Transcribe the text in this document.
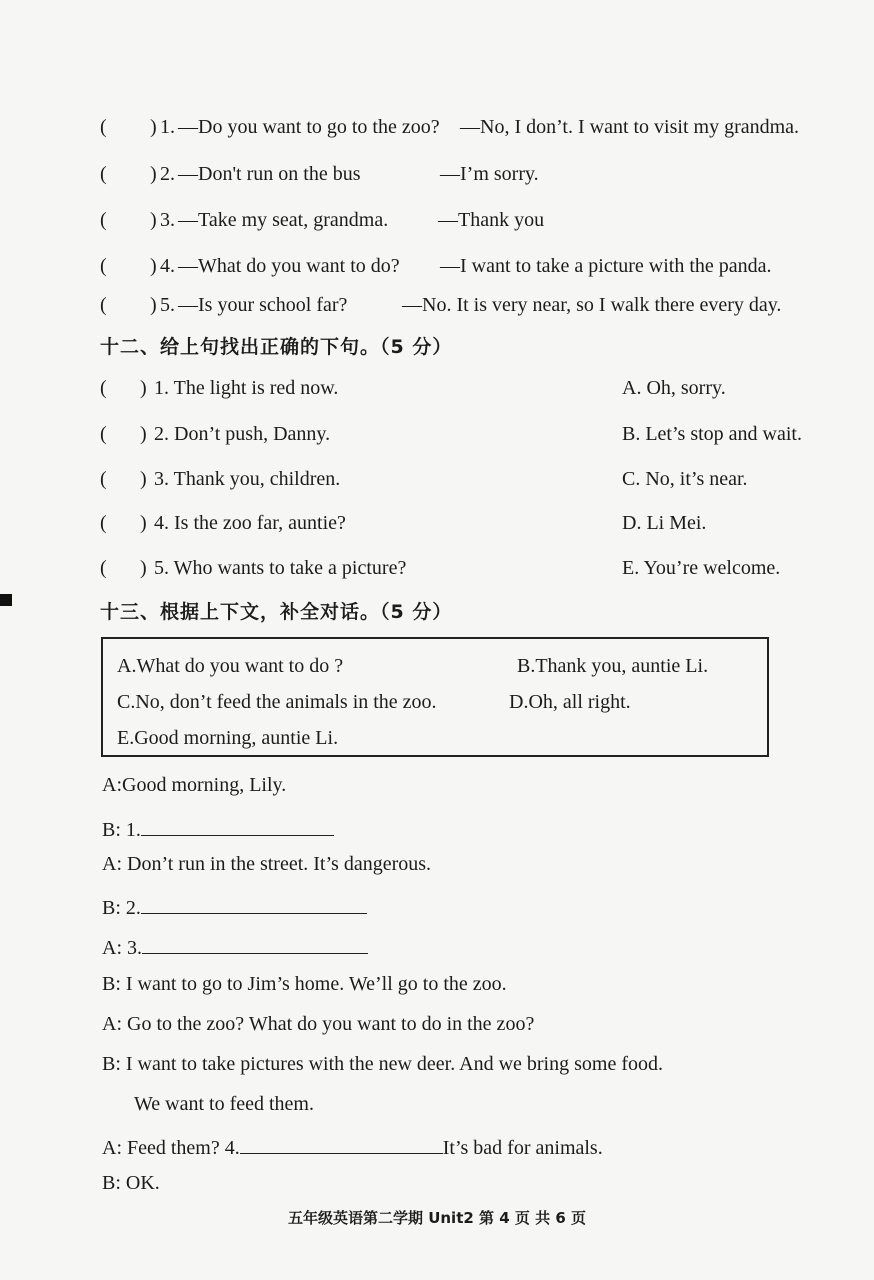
( ) 1. —Do you want to go to the zoo? —No, I don’t. I want to visit my grandma.
( ) 2. —Don't run on the bus	—I’m sorry.
( ) 3. —Take my seat, grandma. —Thank you
( ) 4. —What do you want to do? —I want to take a picture with the panda.
( ) 5. —Is your school far?	—No. It is very near, so I walk there every day.
十二、给上句找出正确的下句。（5 分）
( ) 1. The light is red now.	A. Oh, sorry.
( ) 2. Don’t push, Danny.	B. Let’s stop and wait.
( ) 3. Thank you, children.	C. No, it’s near.
( ) 4. Is the zoo far, auntie?	D. Li Mei.
( ) 5. Who wants to take a picture?	E. You’re welcome.
十三、根据上下文，补全对话。（5 分）
A.What do you want to do ?	B.Thank you, auntie Li.
C.No, don’t feed the animals in the zoo.	D.Oh, all right.
E.Good morning, auntie Li.
A:Good morning, Lily.
B: 1.
A: Don’t run in the street. It’s dangerous.
B: 2.
A: 3.
B: I want to go to Jim’s home. We’ll go to the zoo.
A: Go to the zoo? What do you want to do in the zoo?
B: I want to take pictures with the new deer. And we bring some food.
We want to feed them.
A: Feed them? 4.	It’s bad for animals.
B: OK.
五年级英语第二学期 Unit2 第 4 页 共 6 页
